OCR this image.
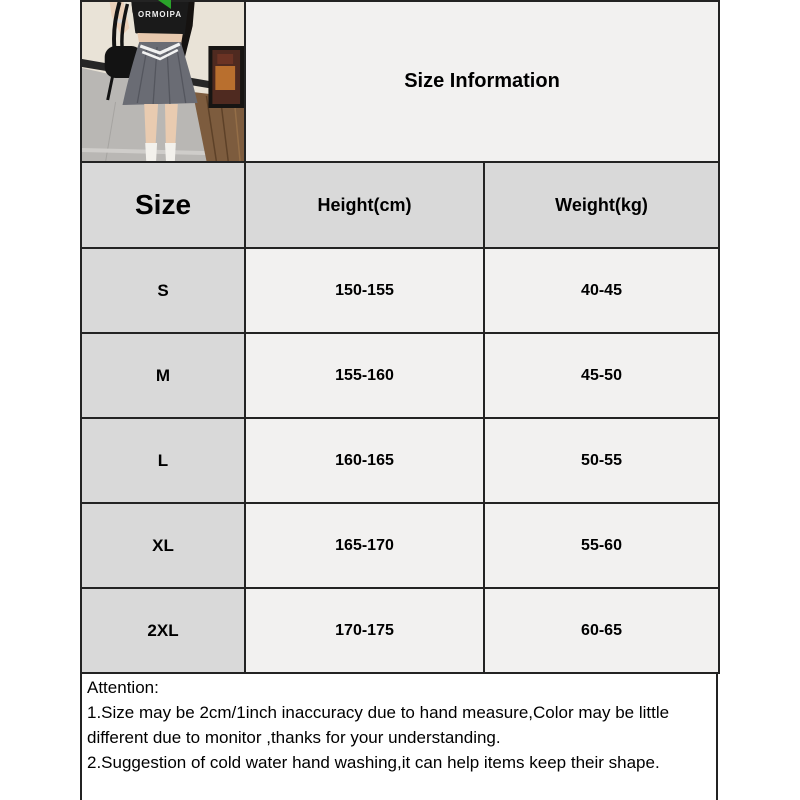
ORMOIPA	Size Information	
Size	Height(cm)	Weight(kg)
S	150-155	40-45
M	155-160	45-50
L	160-165	50-55
XL	165-170	55-60
2XL	170-175	60-65
Attention:
1.Size may be 2cm/1inch inaccuracy due to hand measure,Color may be little different due to monitor ,thanks for your understanding.
2.Suggestion of cold water hand washing,it can help items keep their shape.
